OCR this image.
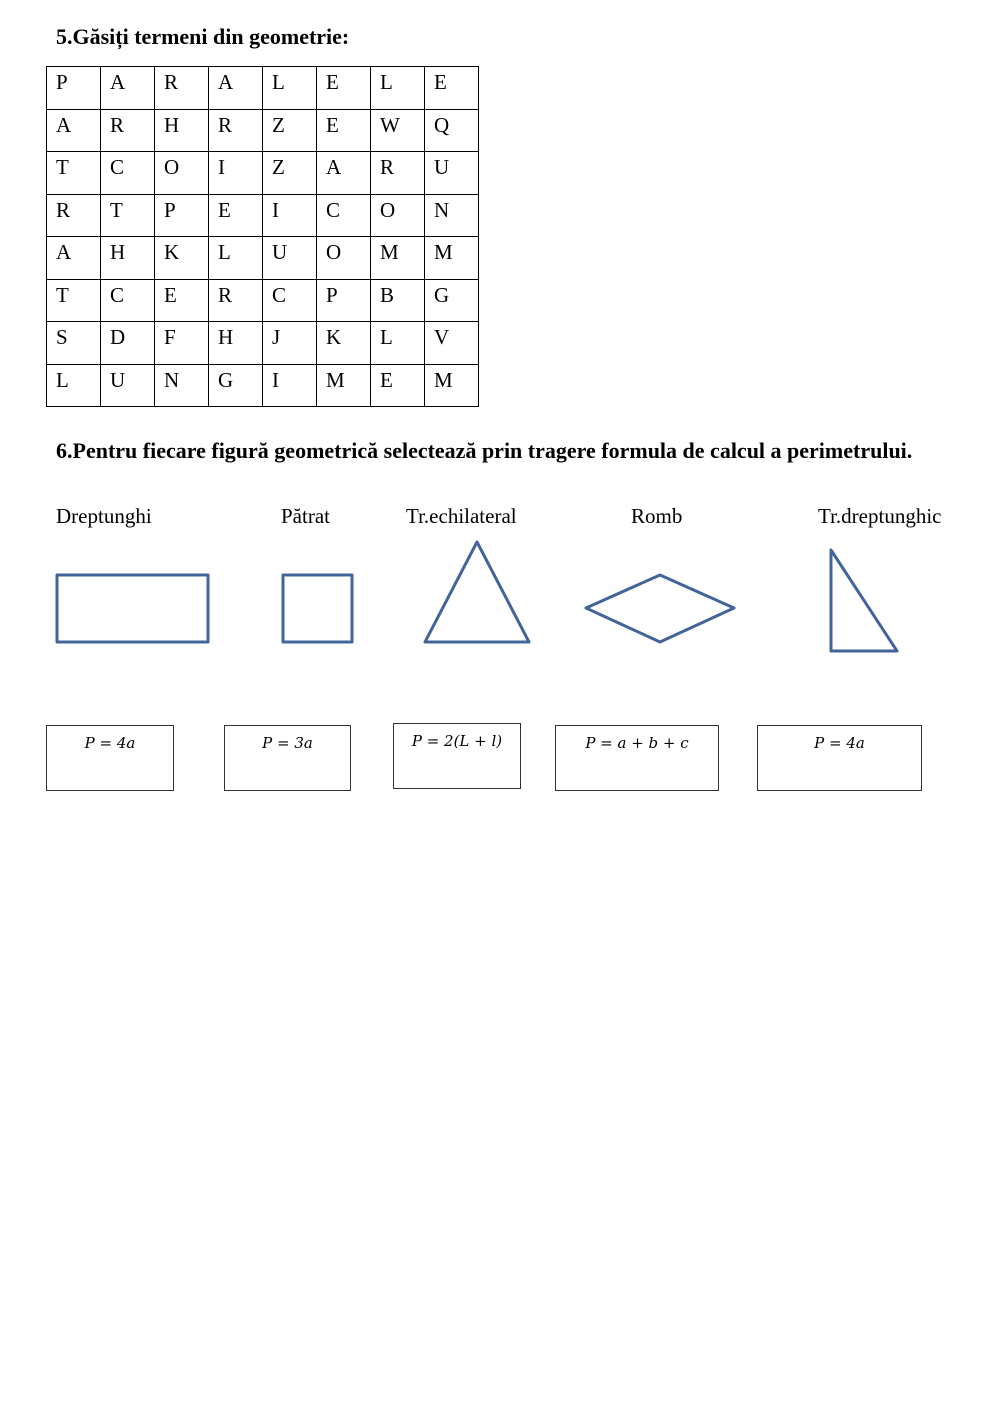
5.Găsiți termeni din geometrie:
P	A	R	A	L	E	L	E
A	R	H	R	Z	E	W	Q
T	C	O	I	Z	A	R	U
R	T	P	E	I	C	O	N
A	H	K	L	U	O	M	M
T	C	E	R	C	P	B	G
S	D	F	H	J	K	L	V
L	U	N	G	I	M	E	M
6.Pentru fiecare figură geometrică selectează prin tragere formula de calcul a perimetrului.
Dreptunghi	Pătrat	Tr.echilateral	Romb	Tr.dreptunghic
P = 4a	P = 3a	P = 2(L + l)	P = a + b + c	P = 4a
